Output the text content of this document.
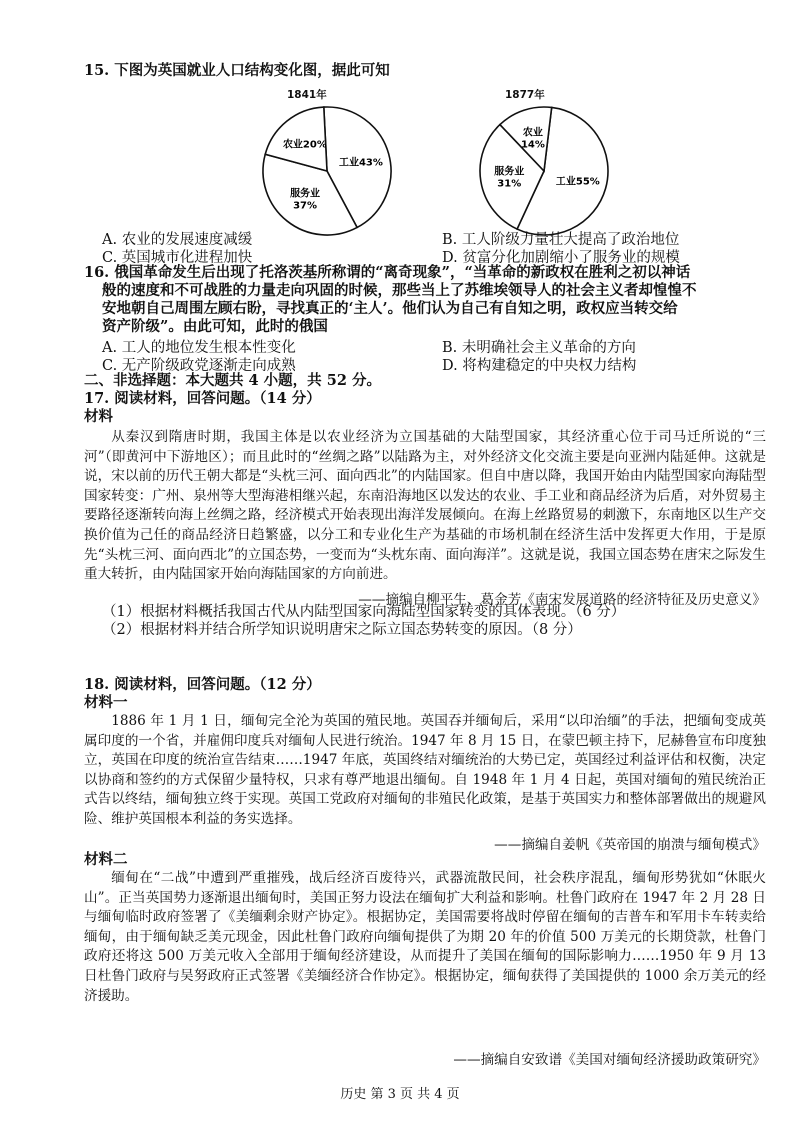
15. 下图为英国就业人口结构变化图，据此可知
1841年
工业43%
服务业 37%
农业20%
1877年
工业55%
服务业 31%
农业 14%
A. 农业的发展速度减缓	B. 工人阶级力量壮大提高了政治地位
C. 英国城市化进程加快	D. 贫富分化加剧缩小了服务业的规模
16. 俄国革命发生后出现了托洛茨基所称谓的“离奇现象”，“当革命的新政权在胜利之初以神话
般的速度和不可战胜的力量走向巩固的时候，那些当上了苏维埃领导人的社会主义者却惶惶不
安地朝自己周围左顾右盼，寻找真正的‘主人’。他们认为自己有自知之明，政权应当转交给
资产阶级”。由此可知，此时的俄国
A. 工人的地位发生根本性变化	B. 未明确社会主义革命的方向
C. 无产阶级政党逐渐走向成熟	D. 将构建稳定的中央权力结构
二、非选择题：本大题共 4 小题，共 52 分。
17. 阅读材料，回答问题。（14 分）
材料
从秦汉到隋唐时期，我国主体是以农业经济为立国基础的大陆型国家，其经济重心位于司马迁所说的“三河”（即黄河中下游地区）；而且此时的“丝绸之路”以陆路为主，对外经济文化交流主要是向亚洲内陆延伸。这就是说，宋以前的历代王朝大都是“头枕三河、面向西北”的内陆国家。但自中唐以降，我国开始由内陆型国家向海陆型国家转变：广州、泉州等大型海港相继兴起，东南沿海地区以发达的农业、手工业和商品经济为后盾，对外贸易主要路径逐渐转向海上丝绸之路，经济模式开始表现出海洋发展倾向。在海上丝路贸易的刺激下，东南地区以生产交换价值为己任的商品经济日趋繁盛，以分工和专业化生产为基础的市场机制在经济生活中发挥更大作用，于是原先“头枕三河、面向西北”的立国态势，一变而为“头枕东南、面向海洋”。这就是说，我国立国态势在唐宋之际发生重大转折，由内陆国家开始向海陆国家的方向前进。
——摘编自柳平生、葛金芳《南宋发展道路的经济特征及历史意义》
（1）根据材料概括我国古代从内陆型国家向海陆型国家转变的具体表现。（6 分）
（2）根据材料并结合所学知识说明唐宋之际立国态势转变的原因。（8 分）
18. 阅读材料，回答问题。（12 分）
材料一
1886 年 1 月 1 日，缅甸完全沦为英国的殖民地。英国吞并缅甸后，采用“以印治缅”的手法，把缅甸变成英属印度的一个省，并雇佣印度兵对缅甸人民进行统治。1947 年 8 月 15 日，在蒙巴顿主持下，尼赫鲁宣布印度独立，英国在印度的统治宣告结束……1947 年底，英国终结对缅统治的大势已定，英国经过利益评估和权衡，决定以协商和签约的方式保留少量特权，只求有尊严地退出缅甸。自 1948 年 1 月 4 日起，英国对缅甸的殖民统治正式告以终结，缅甸独立终于实现。英国工党政府对缅甸的非殖民化政策，是基于英国实力和整体部署做出的规避风险、维护英国根本利益的务实选择。
——摘编自姜帆《英帝国的崩溃与缅甸模式》
材料二
缅甸在“二战”中遭到严重摧残，战后经济百废待兴，武器流散民间，社会秩序混乱，缅甸形势犹如“休眠火山”。正当英国势力逐渐退出缅甸时，美国正努力设法在缅甸扩大利益和影响。杜鲁门政府在 1947 年 2 月 28 日与缅甸临时政府签署了《美缅剩余财产协定》。根据协定，美国需要将战时停留在缅甸的吉普车和军用卡车转卖给缅甸，由于缅甸缺乏美元现金，因此杜鲁门政府向缅甸提供了为期 20 年的价值 500 万美元的长期贷款，杜鲁门政府还将这 500 万美元收入全部用于缅甸经济建设，从而提升了美国在缅甸的国际影响力……1950 年 9 月 13 日杜鲁门政府与吴努政府正式签署《美缅经济合作协定》。根据协定，缅甸获得了美国提供的 1000 余万美元的经济援助。
——摘编自安致谱《美国对缅甸经济援助政策研究》
历史 第 3 页 共 4 页
